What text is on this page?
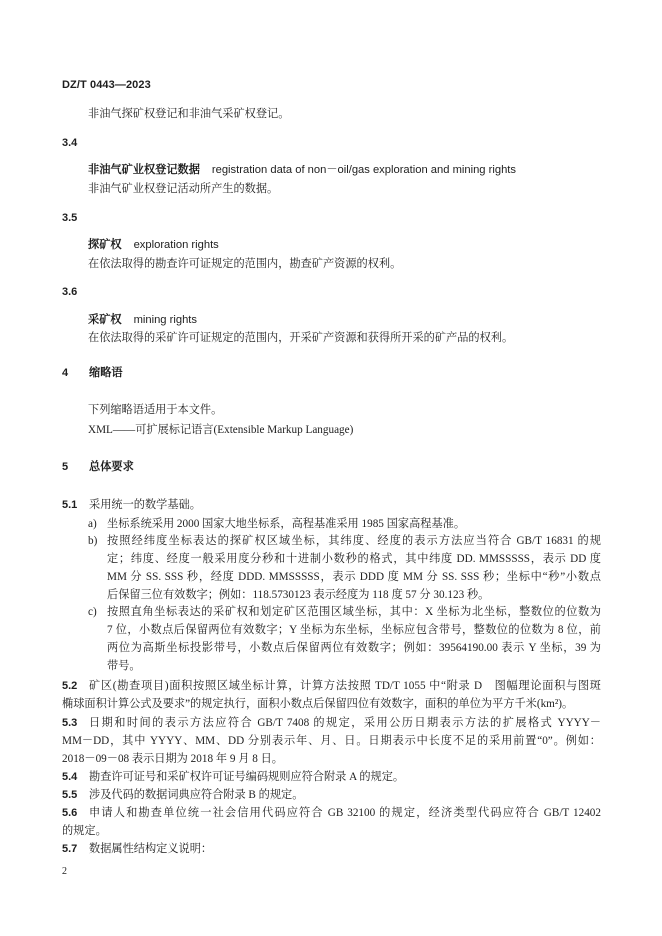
DZ/T 0443—2023
非油气探矿权登记和非油气采矿权登记。
3.4
非油气矿业权登记数据 registration data of non－oil/gas exploration and mining rights
非油气矿业权登记活动所产生的数据。
3.5
探矿权 exploration rights
在依法取得的勘查许可证规定的范围内，勘查矿产资源的权利。
3.6
采矿权 mining rights
在依法取得的采矿许可证规定的范围内，开采矿产资源和获得所开采的矿产品的权利。
4 缩略语
下列缩略语适用于本文件。
XML——可扩展标记语言(Extensible Markup Language)
5 总体要求
5.1 采用统一的数学基础。
a) 坐标系统采用 2000 国家大地坐标系，高程基准采用 1985 国家高程基准。
b) 按照经纬度坐标表达的探矿权区域坐标，其纬度、经度的表示方法应当符合 GB/T 16831 的规
定；纬度、经度一般采用度分秒和十进制小数秒的格式，其中纬度 DD. MMSSSSS，表示 DD 度
MM 分 SS. SSS 秒，经度 DDD. MMSSSSS，表示 DDD 度 MM 分 SS. SSS 秒；坐标中“秒”小数点
后保留三位有效数字；例如：118.5730123 表示经度为 118 度 57 分 30.123 秒。
c) 按照直角坐标表达的采矿权和划定矿区范围区域坐标，其中：X 坐标为北坐标，整数位的位数为
7 位，小数点后保留两位有效数字；Y 坐标为东坐标，坐标应包含带号，整数位的位数为 8 位，前
两位为高斯坐标投影带号，小数点后保留两位有效数字；例如：39564190.00 表示 Y 坐标，39 为
带号。
5.2 矿区(勘查项目)面积按照区域坐标计算，计算方法按照 TD/T 1055 中“附录 D　图幅理论面积与图斑
椭球面积计算公式及要求”的规定执行，面积小数点后保留四位有效数字，面积的单位为平方千米(km²)。
5.3 日期和时间的表示方法应符合 GB/T 7408 的规定，采用公历日期表示方法的扩展格式 YYYY－
MM－DD，其中 YYYY、MM、DD 分别表示年、月、日。日期表示中长度不足的采用前置“0”。例如：
2018－09－08 表示日期为 2018 年 9 月 8 日。
5.4 勘查许可证号和采矿权许可证号编码规则应符合附录 A 的规定。
5.5 涉及代码的数据词典应符合附录 B 的规定。
5.6 申请人和勘查单位统一社会信用代码应符合 GB 32100 的规定，经济类型代码应符合 GB/T 12402
的规定。
5.7 数据属性结构定义说明：
2
